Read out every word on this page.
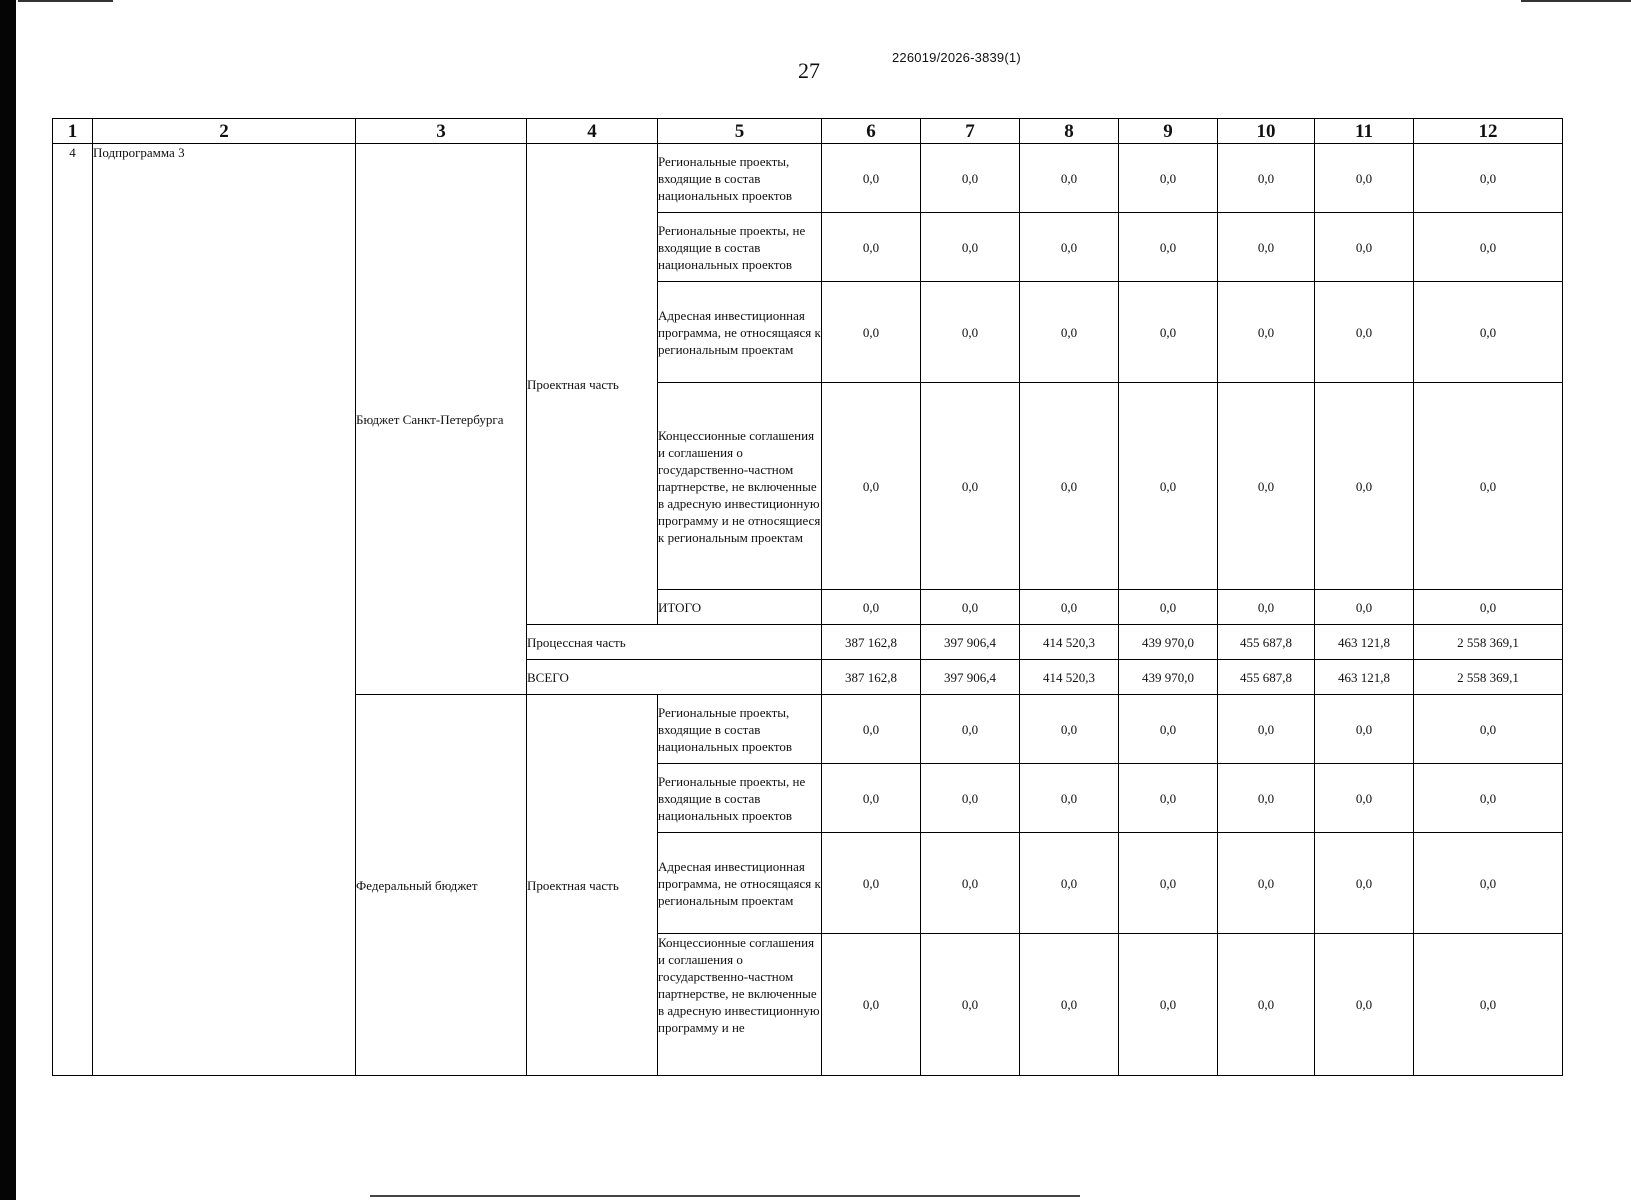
27
226019/2026-3839(1)
1	2	3	4	5	6	7	8	9	10	11	12
4	Подпрограмма 3	Бюджет Санкт-Петербурга	Проектная часть	Региональные проекты, входящие в состав национальных проектов	0,0	0,0	0,0	0,0	0,0	0,0	0,0
				Региональные проекты, не входящие в состав национальных проектов	0,0	0,0	0,0	0,0	0,0	0,0	0,0
				Адресная инвестиционная программа, не относящаяся к региональным проектам	0,0	0,0	0,0	0,0	0,0	0,0	0,0
				Концессионные соглашения и соглашения о государственно-частном партнерстве, не включенные в адресную инвестиционную программу и не относящиеся к региональным проектам	0,0	0,0	0,0	0,0	0,0	0,0	0,0
				ИТОГО	0,0	0,0	0,0	0,0	0,0	0,0	0,0
			Процессная часть		387 162,8	397 906,4	414 520,3	439 970,0	455 687,8	463 121,8	2 558 369,1
			ВСЕГО		387 162,8	397 906,4	414 520,3	439 970,0	455 687,8	463 121,8	2 558 369,1
		Федеральный бюджет	Проектная часть	Региональные проекты, входящие в состав национальных проектов	0,0	0,0	0,0	0,0	0,0	0,0	0,0
				Региональные проекты, не входящие в состав национальных проектов	0,0	0,0	0,0	0,0	0,0	0,0	0,0
				Адресная инвестиционная программа, не относящаяся к региональным проектам	0,0	0,0	0,0	0,0	0,0	0,0	0,0
				Концессионные соглашения и соглашения о государственно-частном партнерстве, не включенные в адресную инвестиционную программу и не	0,0	0,0	0,0	0,0	0,0	0,0	0,0
